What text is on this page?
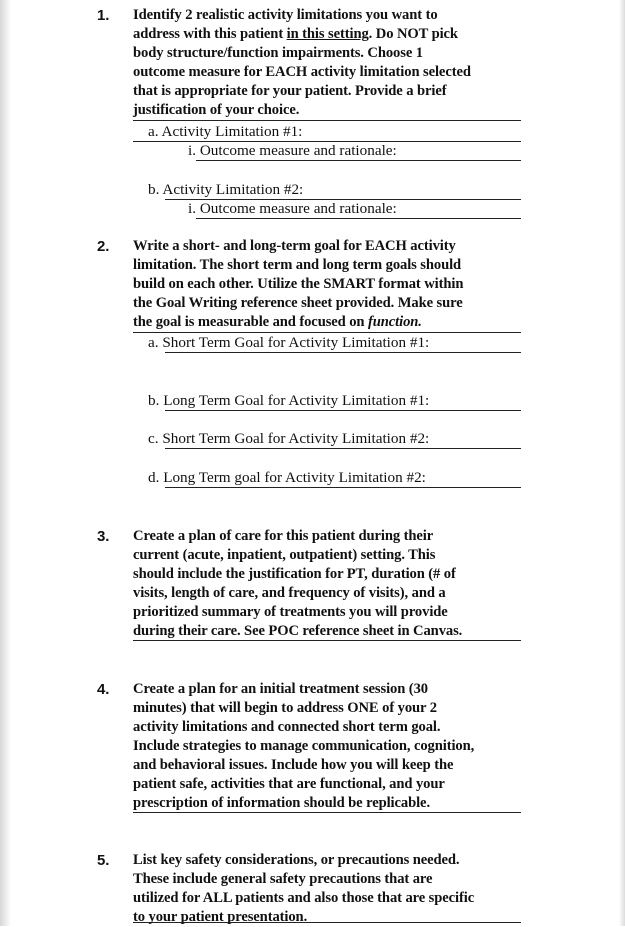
1. Identify 2 realistic activity limitations you want to
address with this patient in this setting. Do NOT pick
body structure/function impairments. Choose 1
outcome measure for EACH activity limitation selected
that is appropriate for your patient. Provide a brief
justification of your choice.
a. Activity Limitation #1:
i. Outcome measure and rationale:
b. Activity Limitation #2:
i. Outcome measure and rationale:
2. Write a short- and long-term goal for EACH activity
limitation. The short term and long term goals should
build on each other. Utilize the SMART format within
the Goal Writing reference sheet provided. Make sure
the goal is measurable and focused on function.
a. Short Term Goal for Activity Limitation #1:
b. Long Term Goal for Activity Limitation #1:
c. Short Term Goal for Activity Limitation #2:
d. Long Term goal for Activity Limitation #2:
3. Create a plan of care for this patient during their
current (acute, inpatient, outpatient) setting. This
should include the justification for PT, duration (# of
visits, length of care, and frequency of visits), and a
prioritized summary of treatments you will provide
during their care. See POC reference sheet in Canvas.
4. Create a plan for an initial treatment session (30
minutes) that will begin to address ONE of your 2
activity limitations and connected short term goal.
Include strategies to manage communication, cognition,
and behavioral issues. Include how you will keep the
patient safe, activities that are functional, and your
prescription of information should be replicable.
5. List key safety considerations, or precautions needed.
These include general safety precautions that are
utilized for ALL patients and also those that are specific
to your patient presentation.
